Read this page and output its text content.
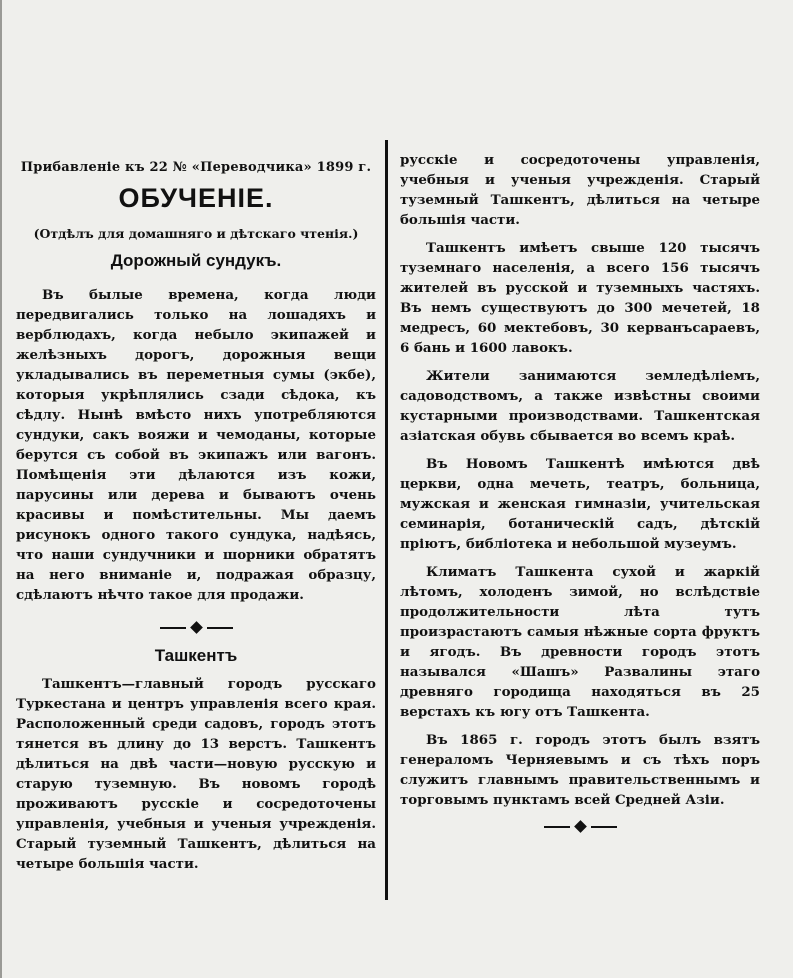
Прибавленіе къ 22 № «Переводчика» 1899 г.
ОБУЧЕНІЕ.
(Отдѣлъ для домашняго и дѣтскаго чтенія.)
Дорожный сундукъ.

Въ былые времена, когда люди передвигались только на лошадяхъ и верблюдахъ, когда небыло экипажей и желѣзныхъ дорогъ, дорожныя вещи укладывались въ переметныя сумы (экбе), которыя укрѣплялись сзади сѣдока, къ сѣдлу. Нынѣ вмѣсто нихъ употребляются сундуки, сакъ вояжи и чемоданы, которые берутся съ собой въ экипажъ или вагонъ. Помѣщенія эти дѣлаются изъ кожи, парусины или дерева и бываютъ очень красивы и помѣстительны. Мы даемъ рисунокъ одного такого сундука, надѣясь, что наши сундучники и шорники обратятъ на него вниманіе и, подражая образцу, сдѣлаютъ нѣчто такое для продажи.

Ташкентъ

Ташкентъ—главный городъ русскаго Туркестана и центръ управленія всего края. Расположенный среди садовъ, городъ этотъ тянется въ длину до 13 верстъ. Ташкентъ дѣлиться на двѣ части—новую русскую и старую туземную. Въ новомъ городѣ проживаютъ русскіе и сосредоточены управленія, учебныя и ученыя учрежденія. Старый туземный Ташкентъ, дѣлиться на четыре большія части.

русскіе и сосредоточены управленія, учебныя и ученыя учрежденія. Старый туземный Ташкентъ, дѣлиться на четыре большія части.

Ташкентъ имѣетъ свыше 120 тысячъ туземнаго населенія, а всего 156 тысячъ жителей въ русской и туземныхъ частяхъ. Въ немъ существуютъ до 300 мечетей, 18 медресъ, 60 мектебовъ, 30 керванъсараевъ, 6 бань и 1600 лавокъ.

Жители занимаются земледѣліемъ, садоводствомъ, а также извѣстны своими кустарными производствами. Ташкентская азіатская обувь сбывается во всемъ краѣ.

Въ Новомъ Ташкентѣ имѣются двѣ церкви, одна мечеть, театръ, больница, мужская и женская гимназіи, учительская семинарія, ботаническій садъ, дѣтскій пріютъ, библіотека и небольшой музеумъ.

Климатъ Ташкента сухой и жаркій лѣтомъ, холоденъ зимой, но вслѣдствіе продолжительности лѣта тутъ произрастаютъ самыя нѣжные сорта фруктъ и ягодъ. Въ древности городъ этотъ назывался «Шашъ» Развалины этаго древняго городища находяться въ 25 верстахъ къ югу отъ Ташкента.

Въ 1865 г. городъ этотъ былъ взятъ генераломъ Черняевымъ и съ тѣхъ поръ служитъ главнымъ правительственнымъ и торговымъ пунктамъ всей Средней Азіи.
